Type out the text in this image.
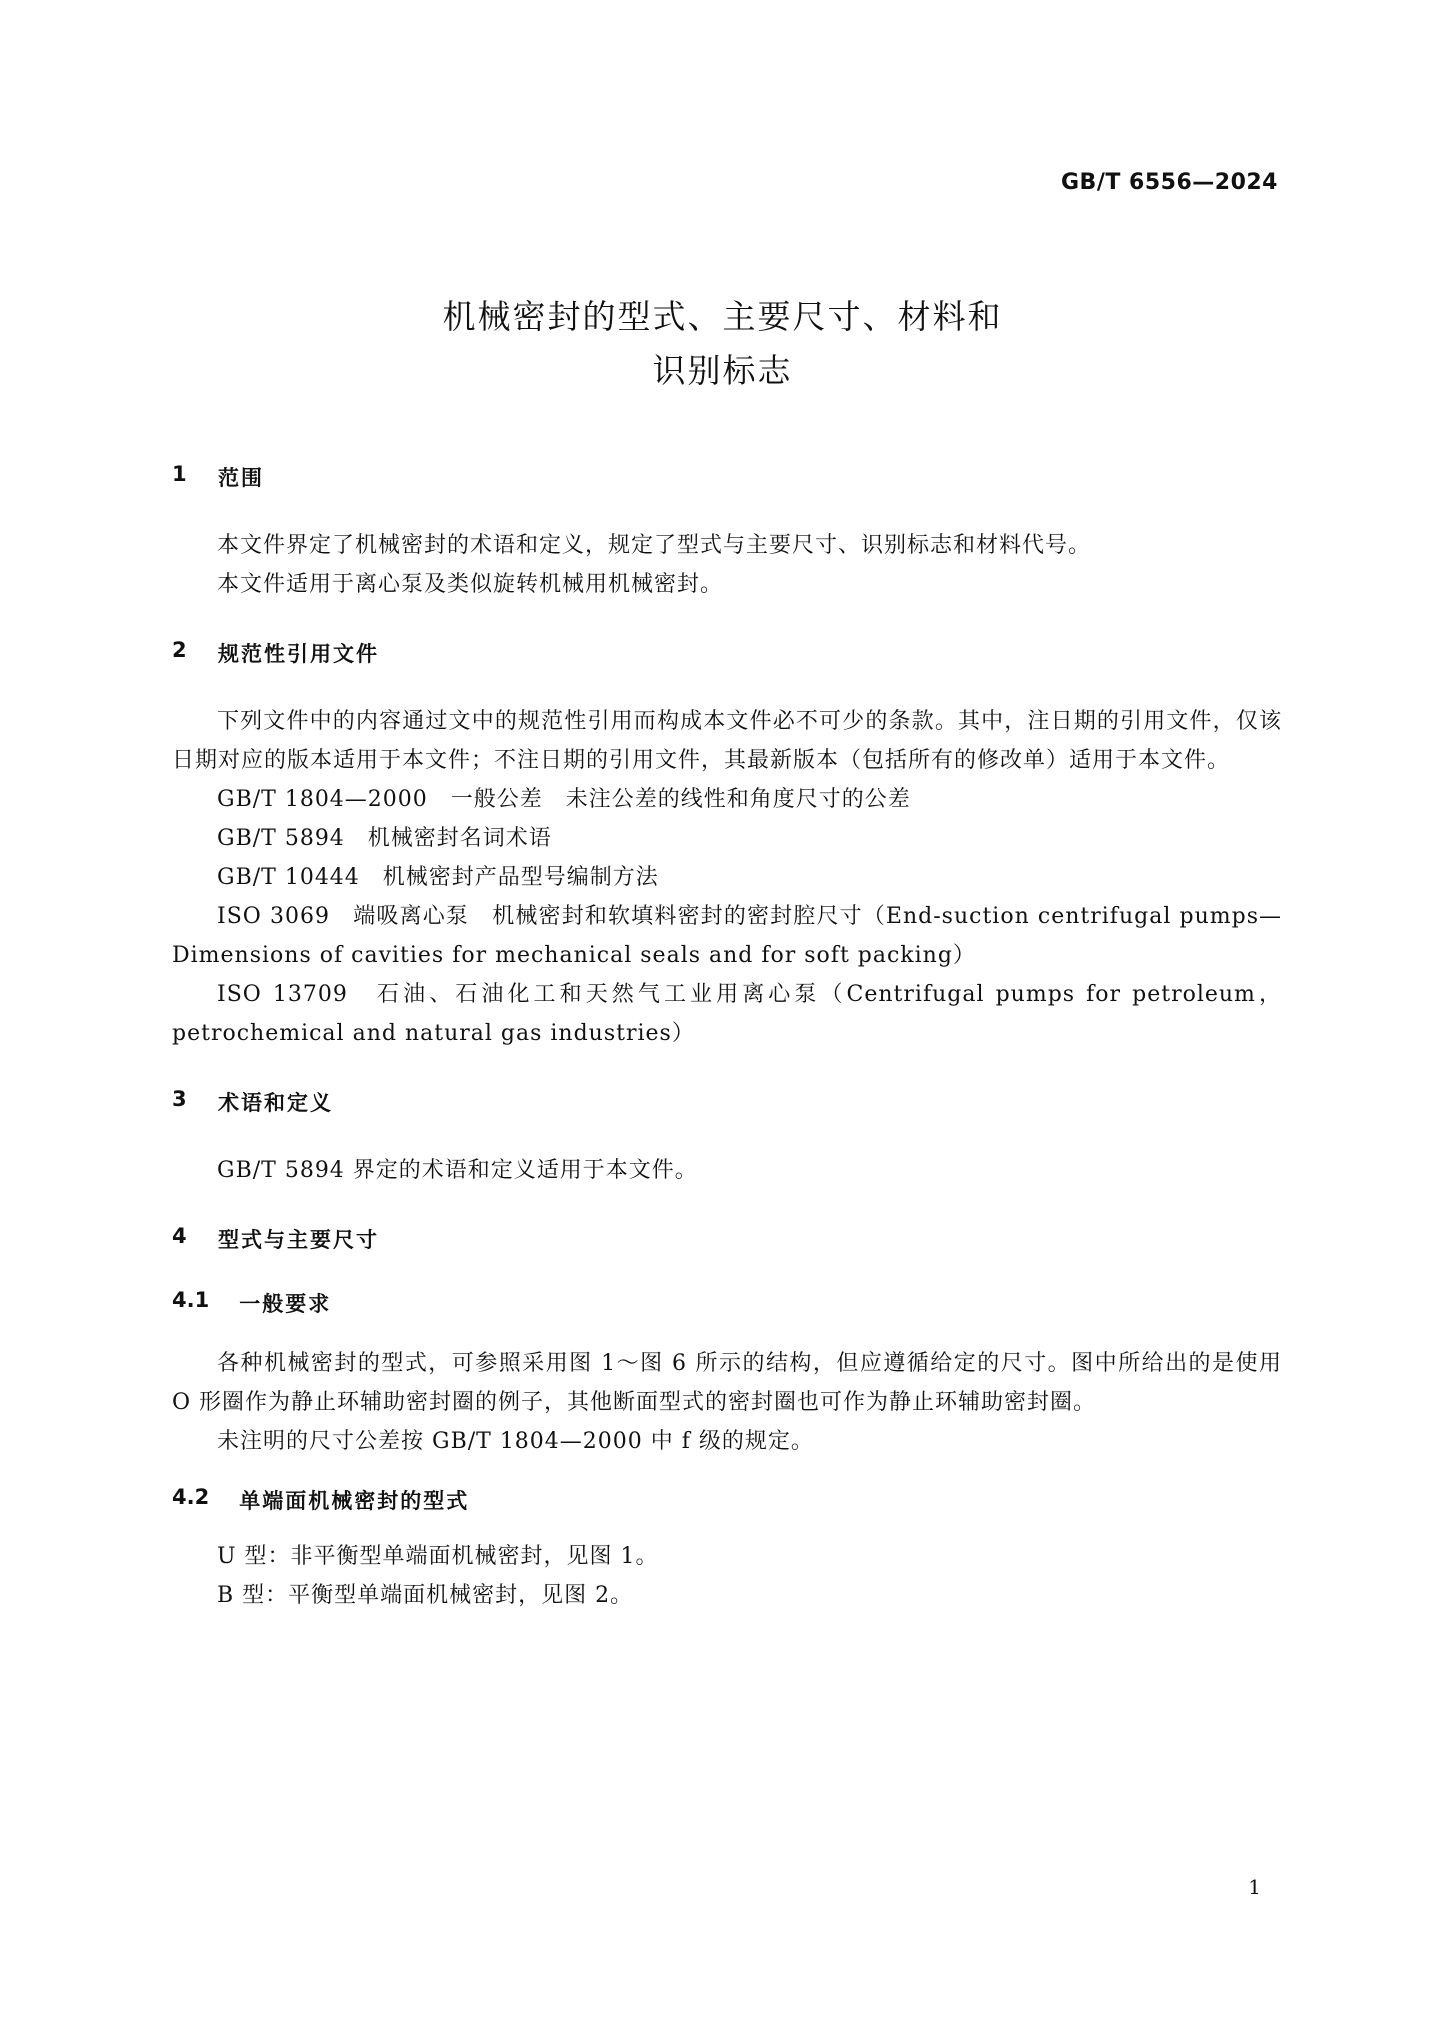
GB/T 6556—2024
机械密封的型式、主要尺寸、材料和
识别标志
1 范围

本文件界定了机械密封的术语和定义，规定了型式与主要尺寸、识别标志和材料代号。

本文件适用于离心泵及类似旋转机械用机械密封。

2 规范性引用文件

下列文件中的内容通过文中的规范性引用而构成本文件必不可少的条款。其中，注日期的引用文件，仅该日期对应的版本适用于本文件；不注日期的引用文件，其最新版本（包括所有的修改单）适用于本文件。

GB/T 1804—2000　一般公差　未注公差的线性和角度尺寸的公差

GB/T 5894　机械密封名词术语

GB/T 10444　机械密封产品型号编制方法

ISO 3069　端吸离心泵　机械密封和软填料密封的密封腔尺寸（End-suction centrifugal pumps—Dimensions of cavities for mechanical seals and for soft packing）

ISO 13709　石油、石油化工和天然气工业用离心泵（Centrifugal pumps for petroleum，petrochemical and natural gas industries）

3 术语和定义

GB/T 5894 界定的术语和定义适用于本文件。

4 型式与主要尺寸
4.1 一般要求

各种机械密封的型式，可参照采用图 1～图 6 所示的结构，但应遵循给定的尺寸。图中所给出的是使用 O 形圈作为静止环辅助密封圈的例子，其他断面型式的密封圈也可作为静止环辅助密封圈。

未注明的尺寸公差按 GB/T 1804—2000 中 f 级的规定。

4.2 单端面机械密封的型式

U 型：非平衡型单端面机械密封，见图 1。

B 型：平衡型单端面机械密封，见图 2。

1
